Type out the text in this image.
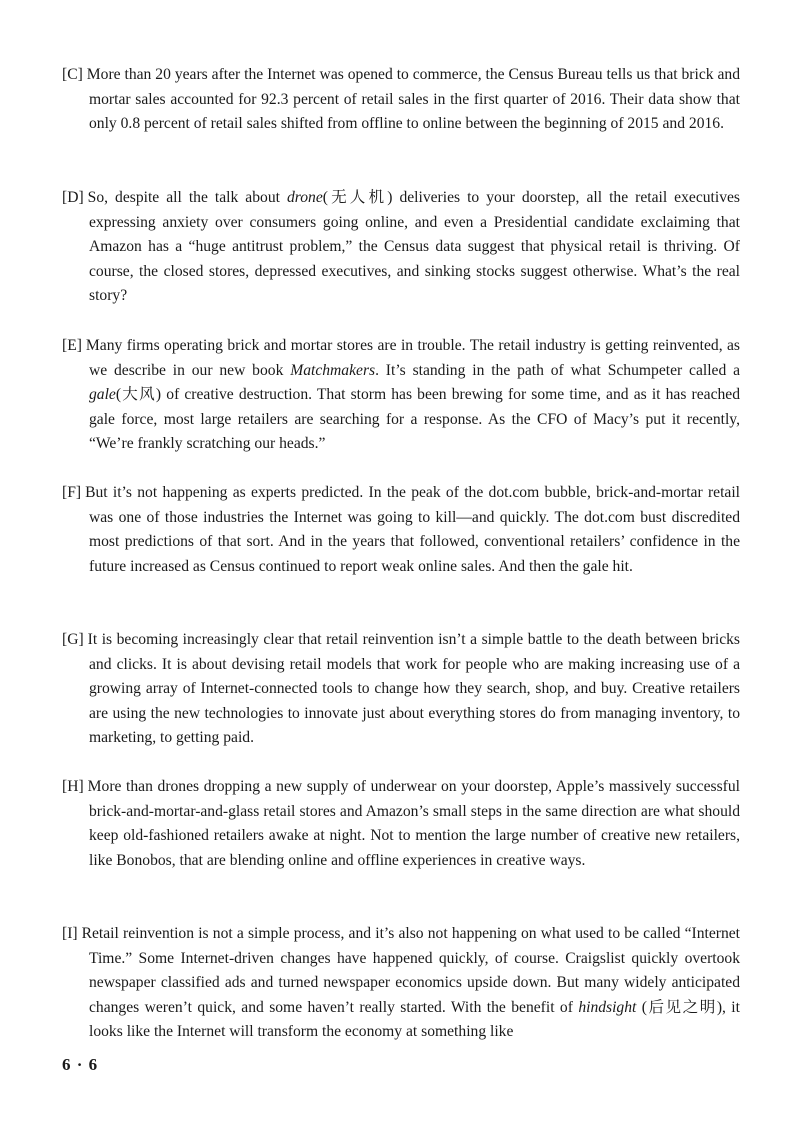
[C] More than 20 years after the Internet was opened to commerce, the Census Bureau tells us that brick and mortar sales accounted for 92.3 percent of retail sales in the first quarter of 2016. Their data show that only 0.8 percent of retail sales shifted from offline to online between the beginning of 2015 and 2016.

[D] So, despite all the talk about drone(无人机) deliveries to your doorstep, all the retail executives expressing anxiety over consumers going online, and even a Presidential candidate exclaiming that Amazon has a “huge antitrust problem,” the Census data suggest that physical retail is thriving. Of course, the closed stores, depressed executives, and sinking stocks suggest otherwise. What’s the real story?

[E] Many firms operating brick and mortar stores are in trouble. The retail industry is getting reinvented, as we describe in our new book Matchmakers. It’s standing in the path of what Schumpeter called a gale(大风) of creative destruction. That storm has been brewing for some time, and as it has reached gale force, most large retailers are searching for a response. As the CFO of Macy’s put it recently, “We’re frankly scratching our heads.”

[F] But it’s not happening as experts predicted. In the peak of the dot.com bubble, brick-and-mortar retail was one of those industries the Internet was going to kill—and quickly. The dot.com bust discredited most predictions of that sort. And in the years that followed, conventional retailers’ confidence in the future increased as Census continued to report weak online sales. And then the gale hit.

[G] It is becoming increasingly clear that retail reinvention isn’t a simple battle to the death between bricks and clicks. It is about devising retail models that work for people who are making increasing use of a growing array of Internet-connected tools to change how they search, shop, and buy. Creative retailers are using the new technologies to innovate just about everything stores do from managing inventory, to marketing, to getting paid.

[H] More than drones dropping a new supply of underwear on your doorstep, Apple’s massively successful brick-and-mortar-and-glass retail stores and Amazon’s small steps in the same direction are what should keep old-fashioned retailers awake at night. Not to mention the large number of creative new retailers, like Bonobos, that are blending online and offline experiences in creative ways.

[I] Retail reinvention is not a simple process, and it’s also not happening on what used to be called “Internet Time.” Some Internet-driven changes have happened quickly, of course. Craigslist quickly overtook newspaper classified ads and turned newspaper economics upside down. But many widely anticipated changes weren’t quick, and some haven’t really started. With the benefit of hindsight (后见之明), it looks like the Internet will transform the economy at something like

6 · 6
